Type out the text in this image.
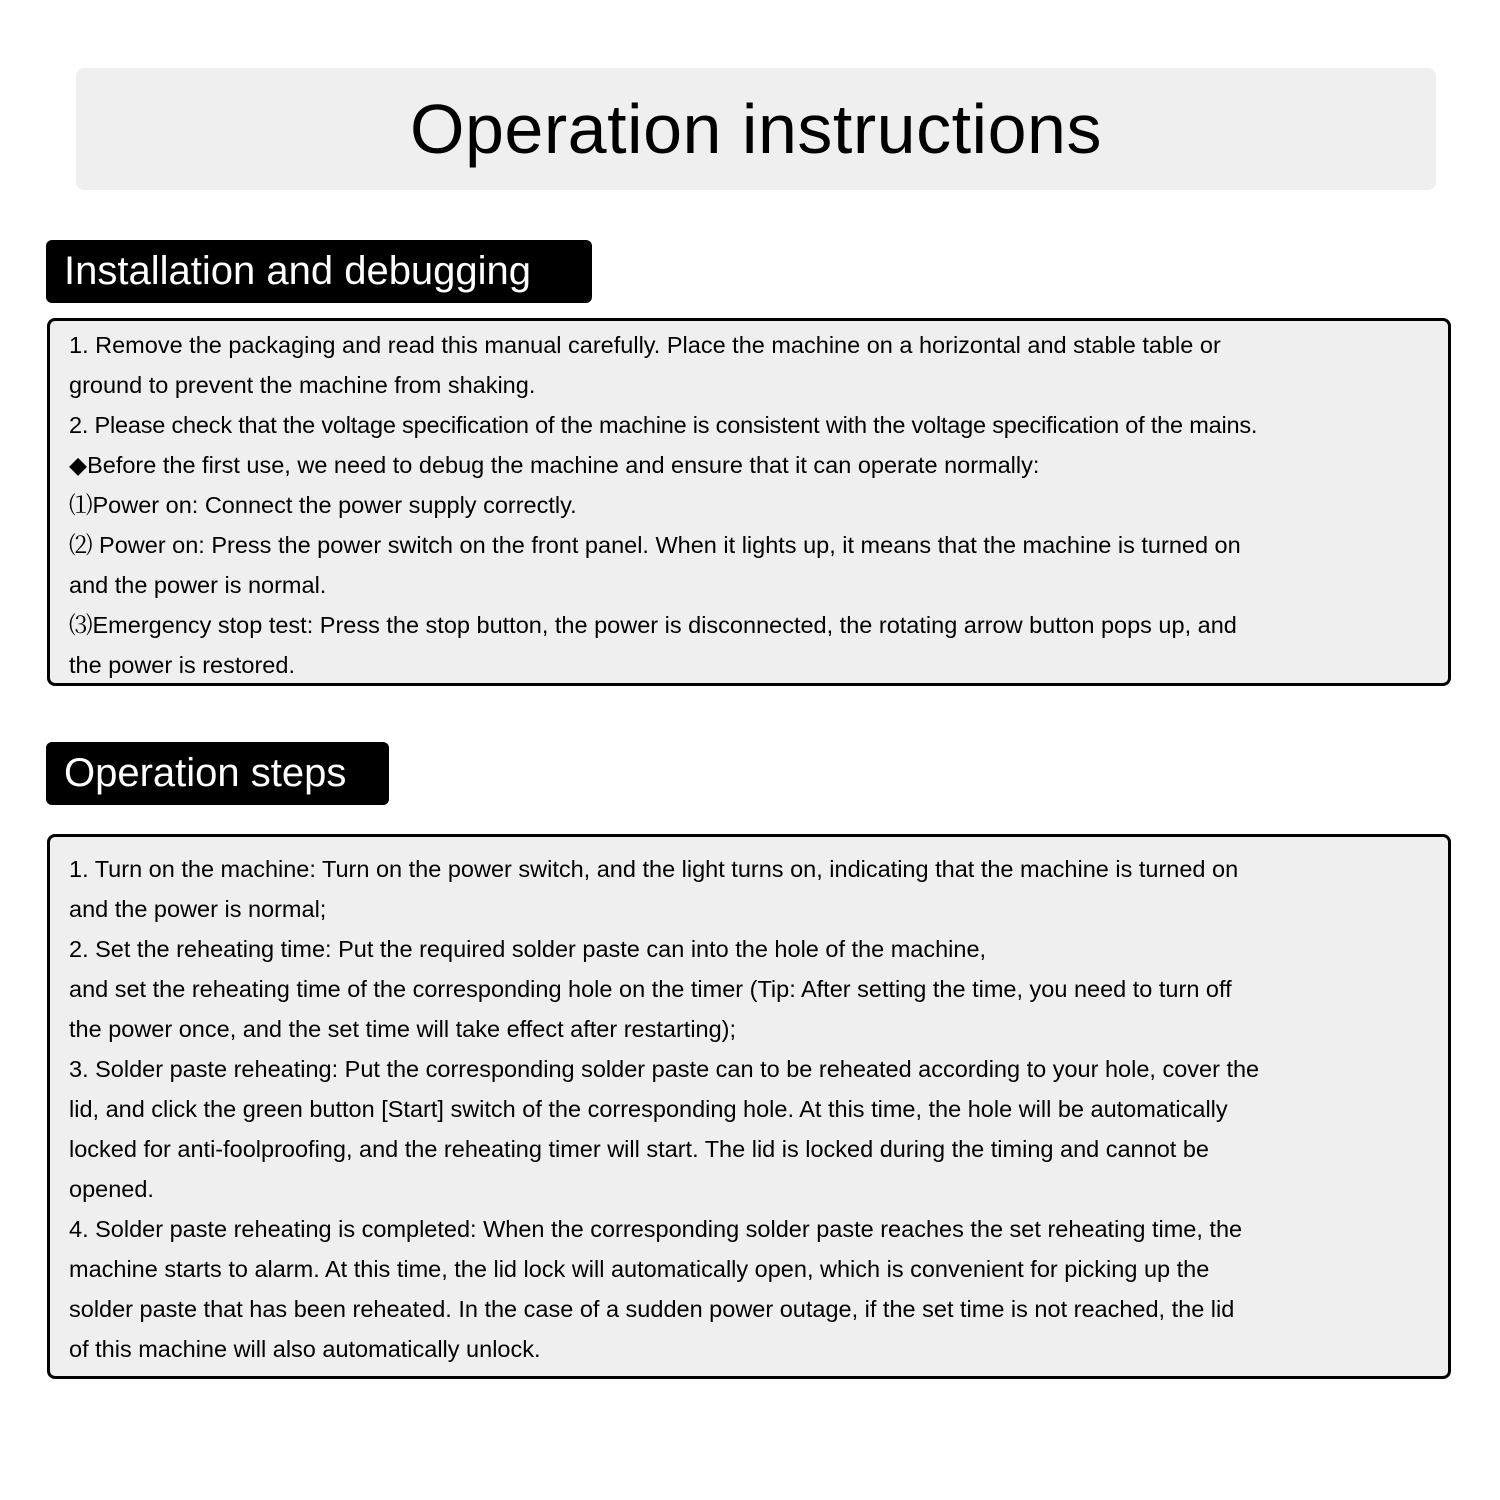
Operation instructions
Installation and debugging

1. Remove the packaging and read this manual carefully. Place the machine on a horizontal and stable table or

ground to prevent the machine from shaking.

2. Please check that the voltage specification of the machine is consistent with the voltage specification of the mains.

◆Before the first use, we need to debug the machine and ensure that it can operate normally:

⑴Power on: Connect the power supply correctly.

⑵ Power on: Press the power switch on the front panel. When it lights up, it means that the machine is turned on

and the power is normal.

⑶Emergency stop test: Press the stop button, the power is disconnected, the rotating arrow button pops up, and

the power is restored.

Operation steps

1. Turn on the machine: Turn on the power switch, and the light turns on, indicating that the machine is turned on

and the power is normal;

2. Set the reheating time: Put the required solder paste can into the hole of the machine,

and set the reheating time of the corresponding hole on the timer (Tip: After setting the time, you need to turn off

the power once, and the set time will take effect after restarting);

3. Solder paste reheating: Put the corresponding solder paste can to be reheated according to your hole, cover the

lid, and click the green button [Start] switch of the corresponding hole. At this time, the hole will be automatically

locked for anti-foolproofing, and the reheating timer will start. The lid is locked during the timing and cannot be

opened.

4. Solder paste reheating is completed: When the corresponding solder paste reaches the set reheating time, the

machine starts to alarm. At this time, the lid lock will automatically open, which is convenient for picking up the

solder paste that has been reheated. In the case of a sudden power outage, if the set time is not reached, the lid

of this machine will also automatically unlock.
